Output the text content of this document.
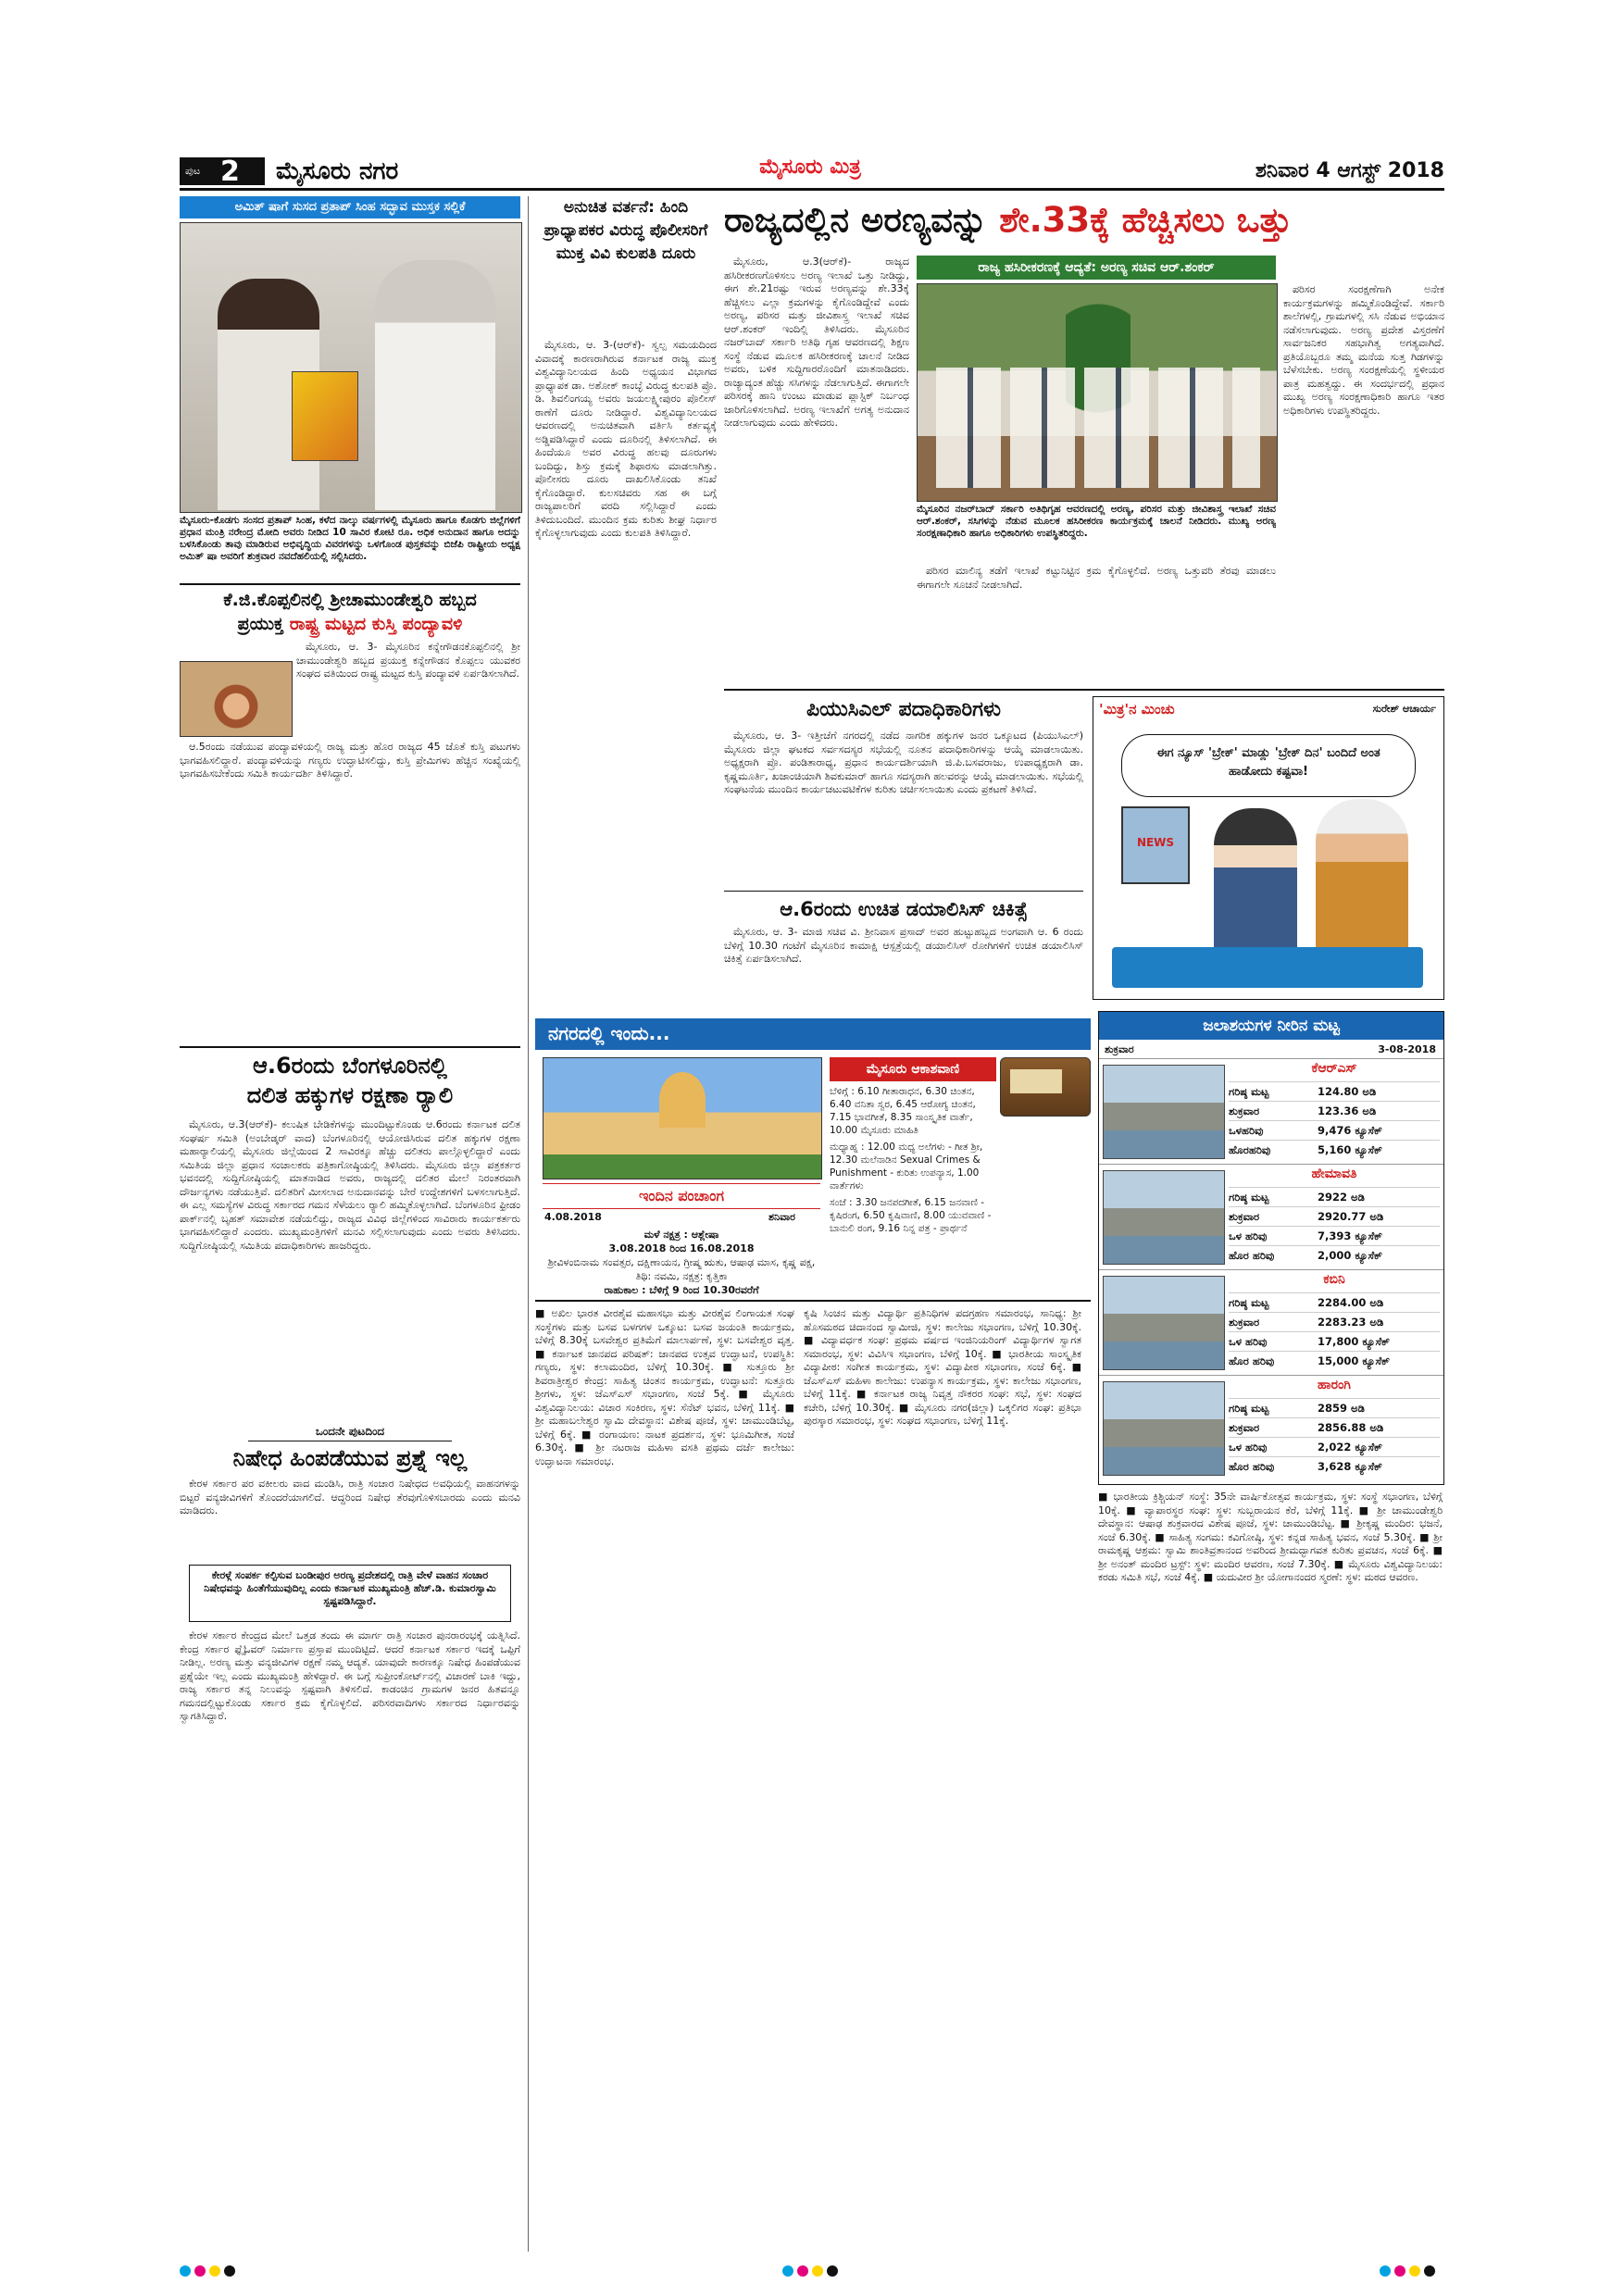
ಪುಟ 2 ಮೈಸೂರು ನಗರ	ಮೈಸೂರು ಮಿತ್ರ	ಶನಿವಾರ 4 ಆಗಸ್ಟ್ 2018
ಅಮಿತ್ ಷಾಗೆ ಸುಸದ ಪ್ರತಾಪ್ ಸಿಂಹ ಸದ್ಭಾವ ಮುಸ್ತಕ ಸಲ್ಲಿಕೆ
ಮೈಸೂರು-ಕೊಡಗು ಸಂಸದ ಪ್ರತಾಪ್ ಸಿಂಹ, ಕಳೆದ ನಾಲ್ಕು ವರ್ಷಗಳಲ್ಲಿ ಮೈಸೂರು ಹಾಗೂ ಕೊಡಗು ಜಿಲ್ಲೆಗಳಿಗೆ ಪ್ರಧಾನ ಮಂತ್ರಿ ನರೇಂದ್ರ ಮೋದಿ ಅವರು ನೀಡಿದ 10 ಸಾವಿರ ಕೋಟಿ ರೂ. ಅಧಿಕ ಅನುದಾನ ಹಾಗೂ ಅದನ್ನು ಬಳಸಿಕೊಂಡು ತಾವು ಮಾಡಿರುವ ಅಭಿವೃದ್ಧಿಯ ವಿವರಗಳನ್ನು ಒಳಗೊಂಡ ಪುಸ್ತಕವನ್ನು ಬಿಜೆಪಿ ರಾಷ್ಟ್ರೀಯ ಅಧ್ಯಕ್ಷ ಅಮಿತ್ ಷಾ ಅವರಿಗೆ ಶುಕ್ರವಾರ ನವದೆಹಲಿಯಲ್ಲಿ ಸಲ್ಲಿಸಿದರು.
ಕೆ.ಜಿ.ಕೊಪ್ಪಲಿನಲ್ಲಿ ಶ್ರೀಚಾಮುಂಡೇಶ್ವರಿ ಹಬ್ಬದ
ಪ್ರಯುಕ್ತ ರಾಷ್ಟ್ರ ಮಟ್ಟದ ಕುಸ್ತಿ ಪಂದ್ಯಾವಳಿ

ಮೈಸೂರು, ಆ. 3- ಮೈಸೂರಿನ ಕನ್ನೇಗೌಡನಕೊಪ್ಪಲಿನಲ್ಲಿ ಶ್ರೀ ಚಾಮುಂಡೇಶ್ವರಿ ಹಬ್ಬದ ಪ್ರಯುಕ್ತ ಕನ್ನೇಗೌಡನ ಕೊಪ್ಪಲು ಯುವಕರ ಸಂಘದ ವತಿಯಿಂದ ರಾಷ್ಟ್ರ ಮಟ್ಟದ ಕುಸ್ತಿ ಪಂದ್ಯಾವಳಿ ಏರ್ಪಡಿಸಲಾಗಿದೆ.

ಆ.5ರಂದು ನಡೆಯುವ ಪಂದ್ಯಾವಳಿಯಲ್ಲಿ ರಾಜ್ಯ ಮತ್ತು ಹೊರ ರಾಜ್ಯದ 45 ಜೊತೆ ಕುಸ್ತಿ ಪಟುಗಳು ಭಾಗವಹಿಸಲಿದ್ದಾರೆ. ಪಂದ್ಯಾವಳಿಯನ್ನು ಗಣ್ಯರು ಉದ್ಘಾಟಿಸಲಿದ್ದು, ಕುಸ್ತಿ ಪ್ರೇಮಿಗಳು ಹೆಚ್ಚಿನ ಸಂಖ್ಯೆಯಲ್ಲಿ ಭಾಗವಹಿಸಬೇಕೆಂದು ಸಮಿತಿ ಕಾರ್ಯದರ್ಶಿ ತಿಳಿಸಿದ್ದಾರೆ.
ಆ.6ರಂದು ಬೆಂಗಳೂರಿನಲ್ಲಿ
ದಲಿತ ಹಕ್ಕುಗಳ ರಕ್ಷಣಾ ರ್‍ಯಾಲಿ
ಮೈಸೂರು, ಆ.3(ಆರ್‌ಕೆ)- ಕಲುಷಿತ ಬೇಡಿಕೆಗಳನ್ನು ಮುಂದಿಟ್ಟುಕೊಂಡು ಆ.6ರಂದು ಕರ್ನಾಟಕ ದಲಿತ ಸಂಘರ್ಷ ಸಮಿತಿ (ಅಂಬೇಡ್ಕರ್ ವಾದ) ಬೆಂಗಳೂರಿನಲ್ಲಿ ಆಯೋಜಿಸಿರುವ ದಲಿತ ಹಕ್ಕುಗಳ ರಕ್ಷಣಾ ಮಹಾರ್‍ಯಾಲಿಯಲ್ಲಿ ಮೈಸೂರು ಜಿಲ್ಲೆಯಿಂದ 2 ಸಾವಿರಕ್ಕೂ ಹೆಚ್ಚು ದಲಿತರು ಪಾಲ್ಗೊಳ್ಳಲಿದ್ದಾರೆ ಎಂದು ಸಮಿತಿಯ ಜಿಲ್ಲಾ ಪ್ರಧಾನ ಸಂಚಾಲಕರು ಪತ್ರಿಕಾಗೋಷ್ಠಿಯಲ್ಲಿ ತಿಳಿಸಿದರು. ಮೈಸೂರು ಜಿಲ್ಲಾ ಪತ್ರಕರ್ತರ ಭವನದಲ್ಲಿ ಸುದ್ದಿಗೋಷ್ಠಿಯಲ್ಲಿ ಮಾತನಾಡಿದ ಅವರು, ರಾಜ್ಯದಲ್ಲಿ ದಲಿತರ ಮೇಲೆ ನಿರಂತರವಾಗಿ ದೌರ್ಜನ್ಯಗಳು ನಡೆಯುತ್ತಿವೆ. ದಲಿತರಿಗೆ ಮೀಸಲಾದ ಅನುದಾನವನ್ನು ಬೇರೆ ಉದ್ದೇಶಗಳಿಗೆ ಬಳಸಲಾಗುತ್ತಿದೆ. ಈ ಎಲ್ಲ ಸಮಸ್ಯೆಗಳ ವಿರುದ್ಧ ಸರ್ಕಾರದ ಗಮನ ಸೆಳೆಯಲು ರ್‍ಯಾಲಿ ಹಮ್ಮಿಕೊಳ್ಳಲಾಗಿದೆ. ಬೆಂಗಳೂರಿನ ಫ್ರೀಡಂ ಪಾರ್ಕ್‌ನಲ್ಲಿ ಬೃಹತ್ ಸಮಾವೇಶ ನಡೆಯಲಿದ್ದು, ರಾಜ್ಯದ ವಿವಿಧ ಜಿಲ್ಲೆಗಳಿಂದ ಸಾವಿರಾರು ಕಾರ್ಯಕರ್ತರು ಭಾಗವಹಿಸಲಿದ್ದಾರೆ ಎಂದರು. ಮುಖ್ಯಮಂತ್ರಿಗಳಿಗೆ ಮನವಿ ಸಲ್ಲಿಸಲಾಗುವುದು ಎಂದು ಅವರು ತಿಳಿಸಿದರು. ಸುದ್ದಿಗೋಷ್ಠಿಯಲ್ಲಿ ಸಮಿತಿಯ ಪದಾಧಿಕಾರಿಗಳು ಹಾಜರಿದ್ದರು.
ಒಂದನೇ ಪುಟದಿಂದ
ನಿಷೇಧ ಹಿಂಪಡೆಯುವ ಪ್ರಶ್ನೆ ಇಲ್ಲ
ಕೇರಳ ಸರ್ಕಾರ ಪರ ವಕೀಲರು ವಾದ ಮಂಡಿಸಿ, ರಾತ್ರಿ ಸಂಚಾರ ನಿಷೇಧದ ಅವಧಿಯಲ್ಲಿ ವಾಹನಗಳನ್ನು ಬಿಟ್ಟರೆ ವನ್ಯಜೀವಿಗಳಿಗೆ ತೊಂದರೆಯಾಗಲಿದೆ. ಆದ್ದರಿಂದ ನಿಷೇಧ ತೆರವುಗೊಳಿಸಬಾರದು ಎಂದು ಮನವಿ ಮಾಡಿದರು.
ಕೇರಳ್ಗೆ ಸಂಪರ್ಕ ಕಲ್ಪಿಸುವ ಬಂಡೀಪುರ ಅರಣ್ಯ ಪ್ರದೇಶದಲ್ಲಿ ರಾತ್ರಿ ವೇಳೆ ವಾಹನ ಸಂಚಾರ ನಿಷೇಧವನ್ನು ಹಿಂತೆಗೆಯುವುದಿಲ್ಲ ಎಂದು ಕರ್ನಾಟಕ ಮುಖ್ಯಮಂತ್ರಿ ಹೆಚ್.ಡಿ. ಕುಮಾರಸ್ವಾಮಿ ಸ್ಪಷ್ಟಪಡಿಸಿದ್ದಾರೆ.
ಕೇರಳ ಸರ್ಕಾರ ಕೇಂದ್ರದ ಮೇಲೆ ಒತ್ತಡ ತಂದು ಈ ಮಾರ್ಗ ರಾತ್ರಿ ಸಂಚಾರ ಪುನರಾರಂಭಕ್ಕೆ ಯತ್ನಿಸಿದೆ. ಕೇಂದ್ರ ಸರ್ಕಾರ ಫ್ಲೈಓವರ್ ನಿರ್ಮಾಣ ಪ್ರಸ್ತಾಪ ಮುಂದಿಟ್ಟಿದೆ. ಆದರೆ ಕರ್ನಾಟಕ ಸರ್ಕಾರ ಇದಕ್ಕೆ ಒಪ್ಪಿಗೆ ನೀಡಿಲ್ಲ. ಅರಣ್ಯ ಮತ್ತು ವನ್ಯಜೀವಿಗಳ ರಕ್ಷಣೆ ನಮ್ಮ ಆದ್ಯತೆ. ಯಾವುದೇ ಕಾರಣಕ್ಕೂ ನಿಷೇಧ ಹಿಂಪಡೆಯುವ ಪ್ರಶ್ನೆಯೇ ಇಲ್ಲ ಎಂದು ಮುಖ್ಯಮಂತ್ರಿ ಹೇಳಿದ್ದಾರೆ. ಈ ಬಗ್ಗೆ ಸುಪ್ರೀಂಕೋರ್ಟ್‌ನಲ್ಲಿ ವಿಚಾರಣೆ ಬಾಕಿ ಇದ್ದು, ರಾಜ್ಯ ಸರ್ಕಾರ ತನ್ನ ನಿಲುವನ್ನು ಸ್ಪಷ್ಟವಾಗಿ ತಿಳಿಸಲಿದೆ. ಕಾಡಂಚಿನ ಗ್ರಾಮಗಳ ಜನರ ಹಿತವನ್ನೂ ಗಮನದಲ್ಲಿಟ್ಟುಕೊಂಡು ಸರ್ಕಾರ ಕ್ರಮ ಕೈಗೊಳ್ಳಲಿದೆ. ಪರಿಸರವಾದಿಗಳು ಸರ್ಕಾರದ ನಿರ್ಧಾರವನ್ನು ಸ್ವಾಗತಿಸಿದ್ದಾರೆ.
ಅನುಚಿತ ವರ್ತನೆ: ಹಿಂದಿ ಪ್ರಾಧ್ಯಾಪಕರ ವಿರುದ್ಧ ಪೊಲೀಸರಿಗೆ ಮುಕ್ತ ವಿವಿ ಕುಲಪತಿ ದೂರು
ಮೈಸೂರು, ಆ. 3-(ಆರ್‌ಕೆ)- ಸ್ವಲ್ಪ ಸಮಯದಿಂದ ವಿವಾದಕ್ಕೆ ಕಾರಣರಾಗಿರುವ ಕರ್ನಾಟಕ ರಾಜ್ಯ ಮುಕ್ತ ವಿಶ್ವವಿದ್ಯಾನಿಲಯದ ಹಿಂದಿ ಅಧ್ಯಯನ ವಿಭಾಗದ ಪ್ರಾಧ್ಯಾಪಕ ಡಾ. ಅಶೋಕ್ ಕಾಂಬ್ಳೆ ವಿರುದ್ಧ ಕುಲಪತಿ ಪ್ರೊ. ಡಿ. ಶಿವಲಿಂಗಯ್ಯ ಅವರು ಜಯಲಕ್ಷ್ಮೀಪುರಂ ಪೊಲೀಸ್ ಠಾಣೆಗೆ ದೂರು ನೀಡಿದ್ದಾರೆ. ವಿಶ್ವವಿದ್ಯಾನಿಲಯದ ಆವರಣದಲ್ಲಿ ಅನುಚಿತವಾಗಿ ವರ್ತಿಸಿ ಕರ್ತವ್ಯಕ್ಕೆ ಅಡ್ಡಿಪಡಿಸಿದ್ದಾರೆ ಎಂದು ದೂರಿನಲ್ಲಿ ತಿಳಿಸಲಾಗಿದೆ. ಈ ಹಿಂದೆಯೂ ಅವರ ವಿರುದ್ಧ ಹಲವು ದೂರುಗಳು ಬಂದಿದ್ದು, ಶಿಸ್ತು ಕ್ರಮಕ್ಕೆ ಶಿಫಾರಸು ಮಾಡಲಾಗಿತ್ತು. ಪೊಲೀಸರು ದೂರು ದಾಖಲಿಸಿಕೊಂಡು ತನಿಖೆ ಕೈಗೊಂಡಿದ್ದಾರೆ. ಕುಲಸಚಿವರು ಸಹ ಈ ಬಗ್ಗೆ ರಾಜ್ಯಪಾಲರಿಗೆ ವರದಿ ಸಲ್ಲಿಸಿದ್ದಾರೆ ಎಂದು ತಿಳಿದುಬಂದಿದೆ. ಮುಂದಿನ ಕ್ರಮ ಕುರಿತು ಶೀಘ್ರ ನಿರ್ಧಾರ ಕೈಗೊಳ್ಳಲಾಗುವುದು ಎಂದು ಕುಲಪತಿ ತಿಳಿಸಿದ್ದಾರೆ.
ರಾಜ್ಯದಲ್ಲಿನ ಅರಣ್ಯವನ್ನು ಶೇ.33ಕ್ಕೆ ಹೆಚ್ಚಿಸಲು ಒತ್ತು
ಮೈಸೂರು, ಆ.3(ಆರ್‌ಕೆ)- ರಾಜ್ಯದ ಹಸಿರೀಕರಣಗೊಳಿಸಲು ಅರಣ್ಯ ಇಲಾಖೆ ಒತ್ತು ನೀಡಿದ್ದು, ಈಗ ಶೇ.21ರಷ್ಟು ಇರುವ ಅರಣ್ಯವನ್ನು ಶೇ.33ಕ್ಕೆ ಹೆಚ್ಚಿಸಲು ಎಲ್ಲಾ ಕ್ರಮಗಳನ್ನು ಕೈಗೊಂಡಿದ್ದೇವೆ ಎಂದು ಅರಣ್ಯ, ಪರಿಸರ ಮತ್ತು ಜೀವಿಶಾಸ್ತ್ರ ಇಲಾಖೆ ಸಚಿವ ಆರ್.ಶಂಕರ್ ಇಂದಿಲ್ಲಿ ತಿಳಿಸಿದರು. ಮೈಸೂರಿನ ನಜರ್‌ಬಾದ್ ಸರ್ಕಾರಿ ಅತಿಥಿ ಗೃಹ ಆವರಣದಲ್ಲಿ ಶಿಕ್ಷಣ ಸಂಸ್ಥೆ ನೆಡುವ ಮೂಲಕ ಹಸಿರೀಕರಣಕ್ಕೆ ಚಾಲನೆ ನೀಡಿದ ಅವರು, ಬಳಿಕ ಸುದ್ದಿಗಾರರೊಂದಿಗೆ ಮಾತನಾಡಿದರು. ರಾಜ್ಯಾದ್ಯಂತ ಹೆಚ್ಚು ಸಸಿಗಳನ್ನು ನೆಡಲಾಗುತ್ತಿದೆ. ಈಗಾಗಲೇ ಪರಿಸರಕ್ಕೆ ಹಾನಿ ಉಂಟು ಮಾಡುವ ಪ್ಲಾಸ್ಟಿಕ್ ನಿರ್ಬಂಧ ಜಾರಿಗೊಳಿಸಲಾಗಿದೆ. ಅರಣ್ಯ ಇಲಾಖೆಗೆ ಅಗತ್ಯ ಅನುದಾನ ನೀಡಲಾಗುವುದು ಎಂದು ಹೇಳಿದರು.
ರಾಜ್ಯ ಹಸಿರೀಕರಣಕ್ಕೆ ಆದ್ಯತೆ: ಅರಣ್ಯ ಸಚಿವ ಆರ್.ಶಂಕರ್
ಮೈಸೂರಿನ ನಜರ್‌ಬಾದ್ ಸರ್ಕಾರಿ ಅತಿಥಿಗೃಹ ಆವರಣದಲ್ಲಿ ಅರಣ್ಯ, ಪರಿಸರ ಮತ್ತು ಜೀವಿಶಾಸ್ತ್ರ ಇಲಾಖೆ ಸಚಿವ ಆರ್.ಶಂಕರ್, ಸಸಿಗಳನ್ನು ನೆಡುವ ಮೂಲಕ ಹಸಿರೀಕರಣ ಕಾರ್ಯಕ್ರಮಕ್ಕೆ ಚಾಲನೆ ನೀಡಿದರು. ಮುಖ್ಯ ಅರಣ್ಯ ಸಂರಕ್ಷಣಾಧಿಕಾರಿ ಹಾಗೂ ಅಧಿಕಾರಿಗಳು ಉಪಸ್ಥಿತರಿದ್ದರು.
ಪರಿಸರ ಮಾಲಿನ್ಯ ತಡೆಗೆ ಇಲಾಖೆ ಕಟ್ಟುನಿಟ್ಟಿನ ಕ್ರಮ ಕೈಗೊಳ್ಳಲಿದೆ. ಅರಣ್ಯ ಒತ್ತುವರಿ ತೆರವು ಮಾಡಲು ಈಗಾಗಲೇ ಸೂಚನೆ ನೀಡಲಾಗಿದೆ.
ಪರಿಸರ ಸಂರಕ್ಷಣೆಗಾಗಿ ಅನೇಕ ಕಾರ್ಯಕ್ರಮಗಳನ್ನು ಹಮ್ಮಿಕೊಂಡಿದ್ದೇವೆ. ಸರ್ಕಾರಿ ಶಾಲೆಗಳಲ್ಲಿ, ಗ್ರಾಮಗಳಲ್ಲಿ ಸಸಿ ನೆಡುವ ಅಭಿಯಾನ ನಡೆಸಲಾಗುವುದು. ಅರಣ್ಯ ಪ್ರದೇಶ ವಿಸ್ತರಣೆಗೆ ಸಾರ್ವಜನಿಕರ ಸಹಭಾಗಿತ್ವ ಅಗತ್ಯವಾಗಿದೆ. ಪ್ರತಿಯೊಬ್ಬರೂ ತಮ್ಮ ಮನೆಯ ಸುತ್ತ ಗಿಡಗಳನ್ನು ಬೆಳೆಸಬೇಕು. ಅರಣ್ಯ ಸಂರಕ್ಷಣೆಯಲ್ಲಿ ಸ್ಥಳೀಯರ ಪಾತ್ರ ಮಹತ್ವದ್ದು. ಈ ಸಂದರ್ಭದಲ್ಲಿ ಪ್ರಧಾನ ಮುಖ್ಯ ಅರಣ್ಯ ಸಂರಕ್ಷಣಾಧಿಕಾರಿ ಹಾಗೂ ಇತರ ಅಧಿಕಾರಿಗಳು ಉಪಸ್ಥಿತರಿದ್ದರು.
ಪಿಯುಸಿಎಲ್ ಪದಾಧಿಕಾರಿಗಳು
ಮೈಸೂರು, ಆ. 3- ಇತ್ತೀಚೆಗೆ ನಗರದಲ್ಲಿ ನಡೆದ ನಾಗರಿಕ ಹಕ್ಕುಗಳ ಜನರ ಒಕ್ಕೂಟದ (ಪಿಯುಸಿಎಲ್) ಮೈಸೂರು ಜಿಲ್ಲಾ ಘಟಕದ ಸರ್ವಸದಸ್ಯರ ಸಭೆಯಲ್ಲಿ ನೂತನ ಪದಾಧಿಕಾರಿಗಳನ್ನು ಆಯ್ಕೆ ಮಾಡಲಾಯಿತು. ಅಧ್ಯಕ್ಷರಾಗಿ ಪ್ರೊ. ಪಂಡಿತಾರಾಧ್ಯ, ಪ್ರಧಾನ ಕಾರ್ಯದರ್ಶಿಯಾಗಿ ಜಿ.ಪಿ.ಬಸವರಾಜು, ಉಪಾಧ್ಯಕ್ಷರಾಗಿ ಡಾ. ಕೃಷ್ಣಮೂರ್ತಿ, ಖಜಾಂಚಿಯಾಗಿ ಶಿವಕುಮಾರ್ ಹಾಗೂ ಸದಸ್ಯರಾಗಿ ಹಲವರನ್ನು ಆಯ್ಕೆ ಮಾಡಲಾಯಿತು. ಸಭೆಯಲ್ಲಿ ಸಂಘಟನೆಯ ಮುಂದಿನ ಕಾರ್ಯಚಟುವಟಿಕೆಗಳ ಕುರಿತು ಚರ್ಚಿಸಲಾಯಿತು ಎಂದು ಪ್ರಕಟಣೆ ತಿಳಿಸಿದೆ.
ಆ.6ರಂದು ಉಚಿತ ಡಯಾಲಿಸಿಸ್ ಚಿಕಿತ್ಸೆ
ಮೈಸೂರು, ಆ. 3- ಮಾಜಿ ಸಚಿವ ವಿ. ಶ್ರೀನಿವಾಸ ಪ್ರಸಾದ್ ಅವರ ಹುಟ್ಟುಹಬ್ಬದ ಅಂಗವಾಗಿ ಆ. 6 ರಂದು ಬೆಳಿಗ್ಗೆ 10.30 ಗಂಟೆಗೆ ಮೈಸೂರಿನ ಕಾಮಾಕ್ಷಿ ಆಸ್ಪತ್ರೆಯಲ್ಲಿ ಡಯಾಲಿಸಿಸ್ ರೋಗಿಗಳಿಗೆ ಉಚಿತ ಡಯಾಲಿಸಿಸ್ ಚಿಕಿತ್ಸೆ ಏರ್ಪಡಿಸಲಾಗಿದೆ.
'ಮಿತ್ರ'ನ ಮಿಂಚು	ಸುರೇಶ್ ಆಚಾರ್ಯ
ಈಗ ನ್ಯೂಸ್ 'ಬ್ರೇಕ್' ಮಾಡ್ಲು 'ಬ್ರೇಕ್ ದಿನ' ಬಂದಿದೆ ಅಂತ ಹಾಡೋದು ಕಷ್ಟವಾ!
NEWS
ನಗರದಲ್ಲಿ ಇಂದು...
ಇಂದಿನ ಪಂಚಾಂಗ
4.08.2018	ಶನಿವಾರ
ಮಳೆ ನಕ್ಷತ್ರ : ಆಶ್ಲೇಷಾ
3.08.2018 ರಿಂದ 16.08.2018
ಶ್ರೀವಿಳಂಬಿನಾಮ ಸಂವತ್ಸರ, ದಕ್ಷಿಣಾಯನ, ಗ್ರೀಷ್ಮ ಋತು, ಆಷಾಢ ಮಾಸ, ಕೃಷ್ಣ ಪಕ್ಷ, ತಿಥಿ: ನವಮಿ, ನಕ್ಷತ್ರ: ಕೃತ್ತಿಕಾ
ರಾಹುಕಾಲ : ಬೆಳಿಗ್ಗೆ 9 ರಿಂದ 10.30ರವರೆಗೆ
ಮೈಸೂರು ಆಕಾಶವಾಣಿ
ಬೆಳಿಗ್ಗೆ : 6.10 ಗೀತಾರಾಧನ, 6.30 ಚಿಂತನ, 6.40 ವನಿತಾ ಸ್ವರ, 6.45 ಆರೋಗ್ಯ ಚಿಂತನ, 7.15 ಭಾವಗೀತೆ, 8.35 ಸಾಂಸ್ಕೃತಿಕ ವಾರ್ತೆ, 10.00 ಮೈಸೂರು ಮಾಹಿತಿ
ಮಧ್ಯಾಹ್ನ : 12.00 ಮಧ್ಯ ಅಲೆಗಳು - ಗೀತ ಶ್ರೀ, 12.30 ಮಲೆನಾಡಿನ Sexual Crimes & Punishment - ಕುರಿತು ಉಪನ್ಯಾಸ, 1.00 ವಾರ್ತೆಗಳು
ಸಂಜೆ : 3.30 ಜನಪದಗೀತೆ, 6.15 ಜನವಾಣಿ - ಕೃಷಿರಂಗ, 6.50 ಕೃಷಿವಾಣಿ, 8.00 ಯುವವಾಣಿ - ಬಾನುಲಿ ರಂಗ, 9.16 ನಿನ್ನ ಪತ್ರ - ಪ್ರಾರ್ಥನೆ
ಜಲಾಶಯಗಳ ನೀರಿನ ಮಟ್ಟ
ಶುಕ್ರವಾರ	3-08-2018
ಕೆಆರ್‌ಎಸ್
ಗರಿಷ್ಠ ಮಟ್ಟ	124.80 ಅಡಿ
ಶುಕ್ರವಾರ	123.36 ಅಡಿ
ಒಳಹರಿವು	9,476 ಕ್ಯೂಸೆಕ್
ಹೊರಹರಿವು	5,160 ಕ್ಯೂಸೆಕ್
ಹೇಮಾವತಿ
ಗರಿಷ್ಠ ಮಟ್ಟ	2922 ಅಡಿ
ಶುಕ್ರವಾರ	2920.77 ಅಡಿ
ಒಳ ಹರಿವು	7,393 ಕ್ಯೂಸೆಕ್
ಹೊರ ಹರಿವು	2,000 ಕ್ಯೂಸೆಕ್
ಕಬಿನಿ
ಗರಿಷ್ಠ ಮಟ್ಟ	2284.00 ಅಡಿ
ಶುಕ್ರವಾರ	2283.23 ಅಡಿ
ಒಳ ಹರಿವು	17,800 ಕ್ಯೂಸೆಕ್
ಹೊರ ಹರಿವು	15,000 ಕ್ಯೂಸೆಕ್
ಹಾರಂಗಿ
ಗರಿಷ್ಠ ಮಟ್ಟ	2859 ಅಡಿ
ಶುಕ್ರವಾರ	2856.88 ಅಡಿ
ಒಳ ಹರಿವು	2,022 ಕ್ಯೂಸೆಕ್
ಹೊರ ಹರಿವು	3,628 ಕ್ಯೂಸೆಕ್
■ ಅಖಿಲ ಭಾರತ ವೀರಶೈವ ಮಹಾಸಭಾ ಮತ್ತು ವೀರಶೈವ ಲಿಂಗಾಯತ ಸಂಘ ಸಂಸ್ಥೆಗಳು ಮತ್ತು ಬಸವ ಬಳಗಗಳ ಒಕ್ಕೂಟ: ಬಸವ ಜಯಂತಿ ಕಾರ್ಯಕ್ರಮ, ಬೆಳಿಗ್ಗೆ 8.30ಕ್ಕೆ ಬಸವೇಶ್ವರ ಪ್ರತಿಮೆಗೆ ಮಾಲಾರ್ಪಣೆ, ಸ್ಥಳ: ಬಸವೇಶ್ವರ ವೃತ್ತ. ■ ಕರ್ನಾಟಕ ಜಾನಪದ ಪರಿಷತ್: ಜಾನಪದ ಉತ್ಸವ ಉದ್ಘಾಟನೆ, ಉಪಸ್ಥಿತಿ: ಗಣ್ಯರು, ಸ್ಥಳ: ಕಲಾಮಂದಿರ, ಬೆಳಿಗ್ಗೆ 10.30ಕ್ಕೆ. ■ ಸುತ್ತೂರು ಶ್ರೀ ಶಿವರಾತ್ರೀಶ್ವರ ಕೇಂದ್ರ: ಸಾಹಿತ್ಯ ಚಿಂತನ ಕಾರ್ಯಕ್ರಮ, ಉದ್ಘಾಟನೆ: ಸುತ್ತೂರು ಶ್ರೀಗಳು, ಸ್ಥಳ: ಜೆಎಸ್‌ಎಸ್ ಸಭಾಂಗಣ, ಸಂಜೆ 5ಕ್ಕೆ. ■ ಮೈಸೂರು ವಿಶ್ವವಿದ್ಯಾನಿಲಯ: ವಿಚಾರ ಸಂಕಿರಣ, ಸ್ಥಳ: ಸೆನೆಟ್ ಭವನ, ಬೆಳಿಗ್ಗೆ 11ಕ್ಕೆ. ■ ಶ್ರೀ ಮಹಾಬಲೇಶ್ವರ ಸ್ವಾಮಿ ದೇವಸ್ಥಾನ: ವಿಶೇಷ ಪೂಜೆ, ಸ್ಥಳ: ಚಾಮುಂಡಿಬೆಟ್ಟ, ಬೆಳಿಗ್ಗೆ 6ಕ್ಕೆ. ■ ರಂಗಾಯಣ: ನಾಟಕ ಪ್ರದರ್ಶನ, ಸ್ಥಳ: ಭೂಮಿಗೀತ, ಸಂಜೆ 6.30ಕ್ಕೆ. ■ ಶ್ರೀ ನಟರಾಜ ಮಹಿಳಾ ವಸತಿ ಪ್ರಥಮ ದರ್ಜೆ ಕಾಲೇಜು: ಉದ್ಘಾಟನಾ ಸಮಾರಂಭ.
ಕೃಷಿ ಸಿಂಚನ ಮತ್ತು ವಿದ್ಯಾರ್ಥಿ ಪ್ರತಿನಿಧಿಗಳ ಪದಗ್ರಹಣ ಸಮಾರಂಭ, ಸಾನಿಧ್ಯ: ಶ್ರೀ ಹೊಸಮಠದ ಚಿದಾನಂದ ಸ್ವಾಮೀಜಿ, ಸ್ಥಳ: ಕಾಲೇಜು ಸಭಾಂಗಣ, ಬೆಳಿಗ್ಗೆ 10.30ಕ್ಕೆ. ■ ವಿದ್ಯಾವರ್ಧಕ ಸಂಘ: ಪ್ರಥಮ ವರ್ಷದ ಇಂಜಿನಿಯರಿಂಗ್ ವಿದ್ಯಾರ್ಥಿಗಳ ಸ್ವಾಗತ ಸಮಾರಂಭ, ಸ್ಥಳ: ವಿವಿಸಿಇ ಸಭಾಂಗಣ, ಬೆಳಿಗ್ಗೆ 10ಕ್ಕೆ. ■ ಭಾರತೀಯ ಸಾಂಸ್ಕೃತಿಕ ವಿದ್ಯಾಪೀಠ: ಸಂಗೀತ ಕಾರ್ಯಕ್ರಮ, ಸ್ಥಳ: ವಿದ್ಯಾಪೀಠ ಸಭಾಂಗಣ, ಸಂಜೆ 6ಕ್ಕೆ. ■ ಜೆಎಸ್‌ಎಸ್ ಮಹಿಳಾ ಕಾಲೇಜು: ಉಪನ್ಯಾಸ ಕಾರ್ಯಕ್ರಮ, ಸ್ಥಳ: ಕಾಲೇಜು ಸಭಾಂಗಣ, ಬೆಳಿಗ್ಗೆ 11ಕ್ಕೆ. ■ ಕರ್ನಾಟಕ ರಾಜ್ಯ ನಿವೃತ್ತ ನೌಕರರ ಸಂಘ: ಸಭೆ, ಸ್ಥಳ: ಸಂಘದ ಕಚೇರಿ, ಬೆಳಿಗ್ಗೆ 10.30ಕ್ಕೆ. ■ ಮೈಸೂರು ನಗರ(ಜಿಲ್ಲಾ) ಒಕ್ಕಲಿಗರ ಸಂಘ: ಪ್ರತಿಭಾ ಪುರಸ್ಕಾರ ಸಮಾರಂಭ, ಸ್ಥಳ: ಸಂಘದ ಸಭಾಂಗಣ, ಬೆಳಿಗ್ಗೆ 11ಕ್ಕೆ.
■ ಭಾರತೀಯ ಕ್ರಿಶ್ಚಿಯನ್ ಸಂಸ್ಥೆ: 35ನೇ ವಾರ್ಷಿಕೋತ್ಸವ ಕಾರ್ಯಕ್ರಮ, ಸ್ಥಳ: ಸಂಸ್ಥೆ ಸಭಾಂಗಣ, ಬೆಳಿಗ್ಗೆ 10ಕ್ಕೆ. ■ ವ್ಯಾಪಾರಸ್ಥರ ಸಂಘ: ಸ್ಥಳ: ಸುಬ್ಬರಾಯನ ಕೆರೆ, ಬೆಳಿಗ್ಗೆ 11ಕ್ಕೆ. ■ ಶ್ರೀ ಚಾಮುಂಡೇಶ್ವರಿ ದೇವಸ್ಥಾನ: ಆಷಾಢ ಶುಕ್ರವಾರದ ವಿಶೇಷ ಪೂಜೆ, ಸ್ಥಳ: ಚಾಮುಂಡಿಬೆಟ್ಟ. ■ ಶ್ರೀಕೃಷ್ಣ ಮಂದಿರ: ಭಜನೆ, ಸಂಜೆ 6.30ಕ್ಕೆ. ■ ಸಾಹಿತ್ಯ ಸಂಗಮ: ಕವಿಗೋಷ್ಠಿ, ಸ್ಥಳ: ಕನ್ನಡ ಸಾಹಿತ್ಯ ಭವನ, ಸಂಜೆ 5.30ಕ್ಕೆ. ■ ಶ್ರೀ ರಾಮಕೃಷ್ಣ ಆಶ್ರಮ: ಸ್ವಾಮಿ ಶಾಂತಿವ್ರತಾನಂದ ಅವರಿಂದ ಶ್ರೀಮದ್ಭಾಗವತ ಕುರಿತು ಪ್ರವಚನ, ಸಂಜೆ 6ಕ್ಕೆ. ■ ಶ್ರೀ ಅನಂತ್ ಮಂದಿರ ಟ್ರಸ್ಟ್: ಸ್ಥಳ: ಮಂದಿರ ಆವರಣ, ಸಂಜೆ 7.30ಕ್ಕೆ. ■ ಮೈಸೂರು ವಿಶ್ವವಿದ್ಯಾನಿಲಯ: ಕರಡು ಸಮಿತಿ ಸಭೆ, ಸಂಜೆ 4ಕ್ಕೆ. ■ ಯದುವೀರ ಶ್ರೀ ಯೋಗಾನಂದರ ಸ್ಮರಣೆ: ಸ್ಥಳ: ಮಠದ ಆವರಣ.
